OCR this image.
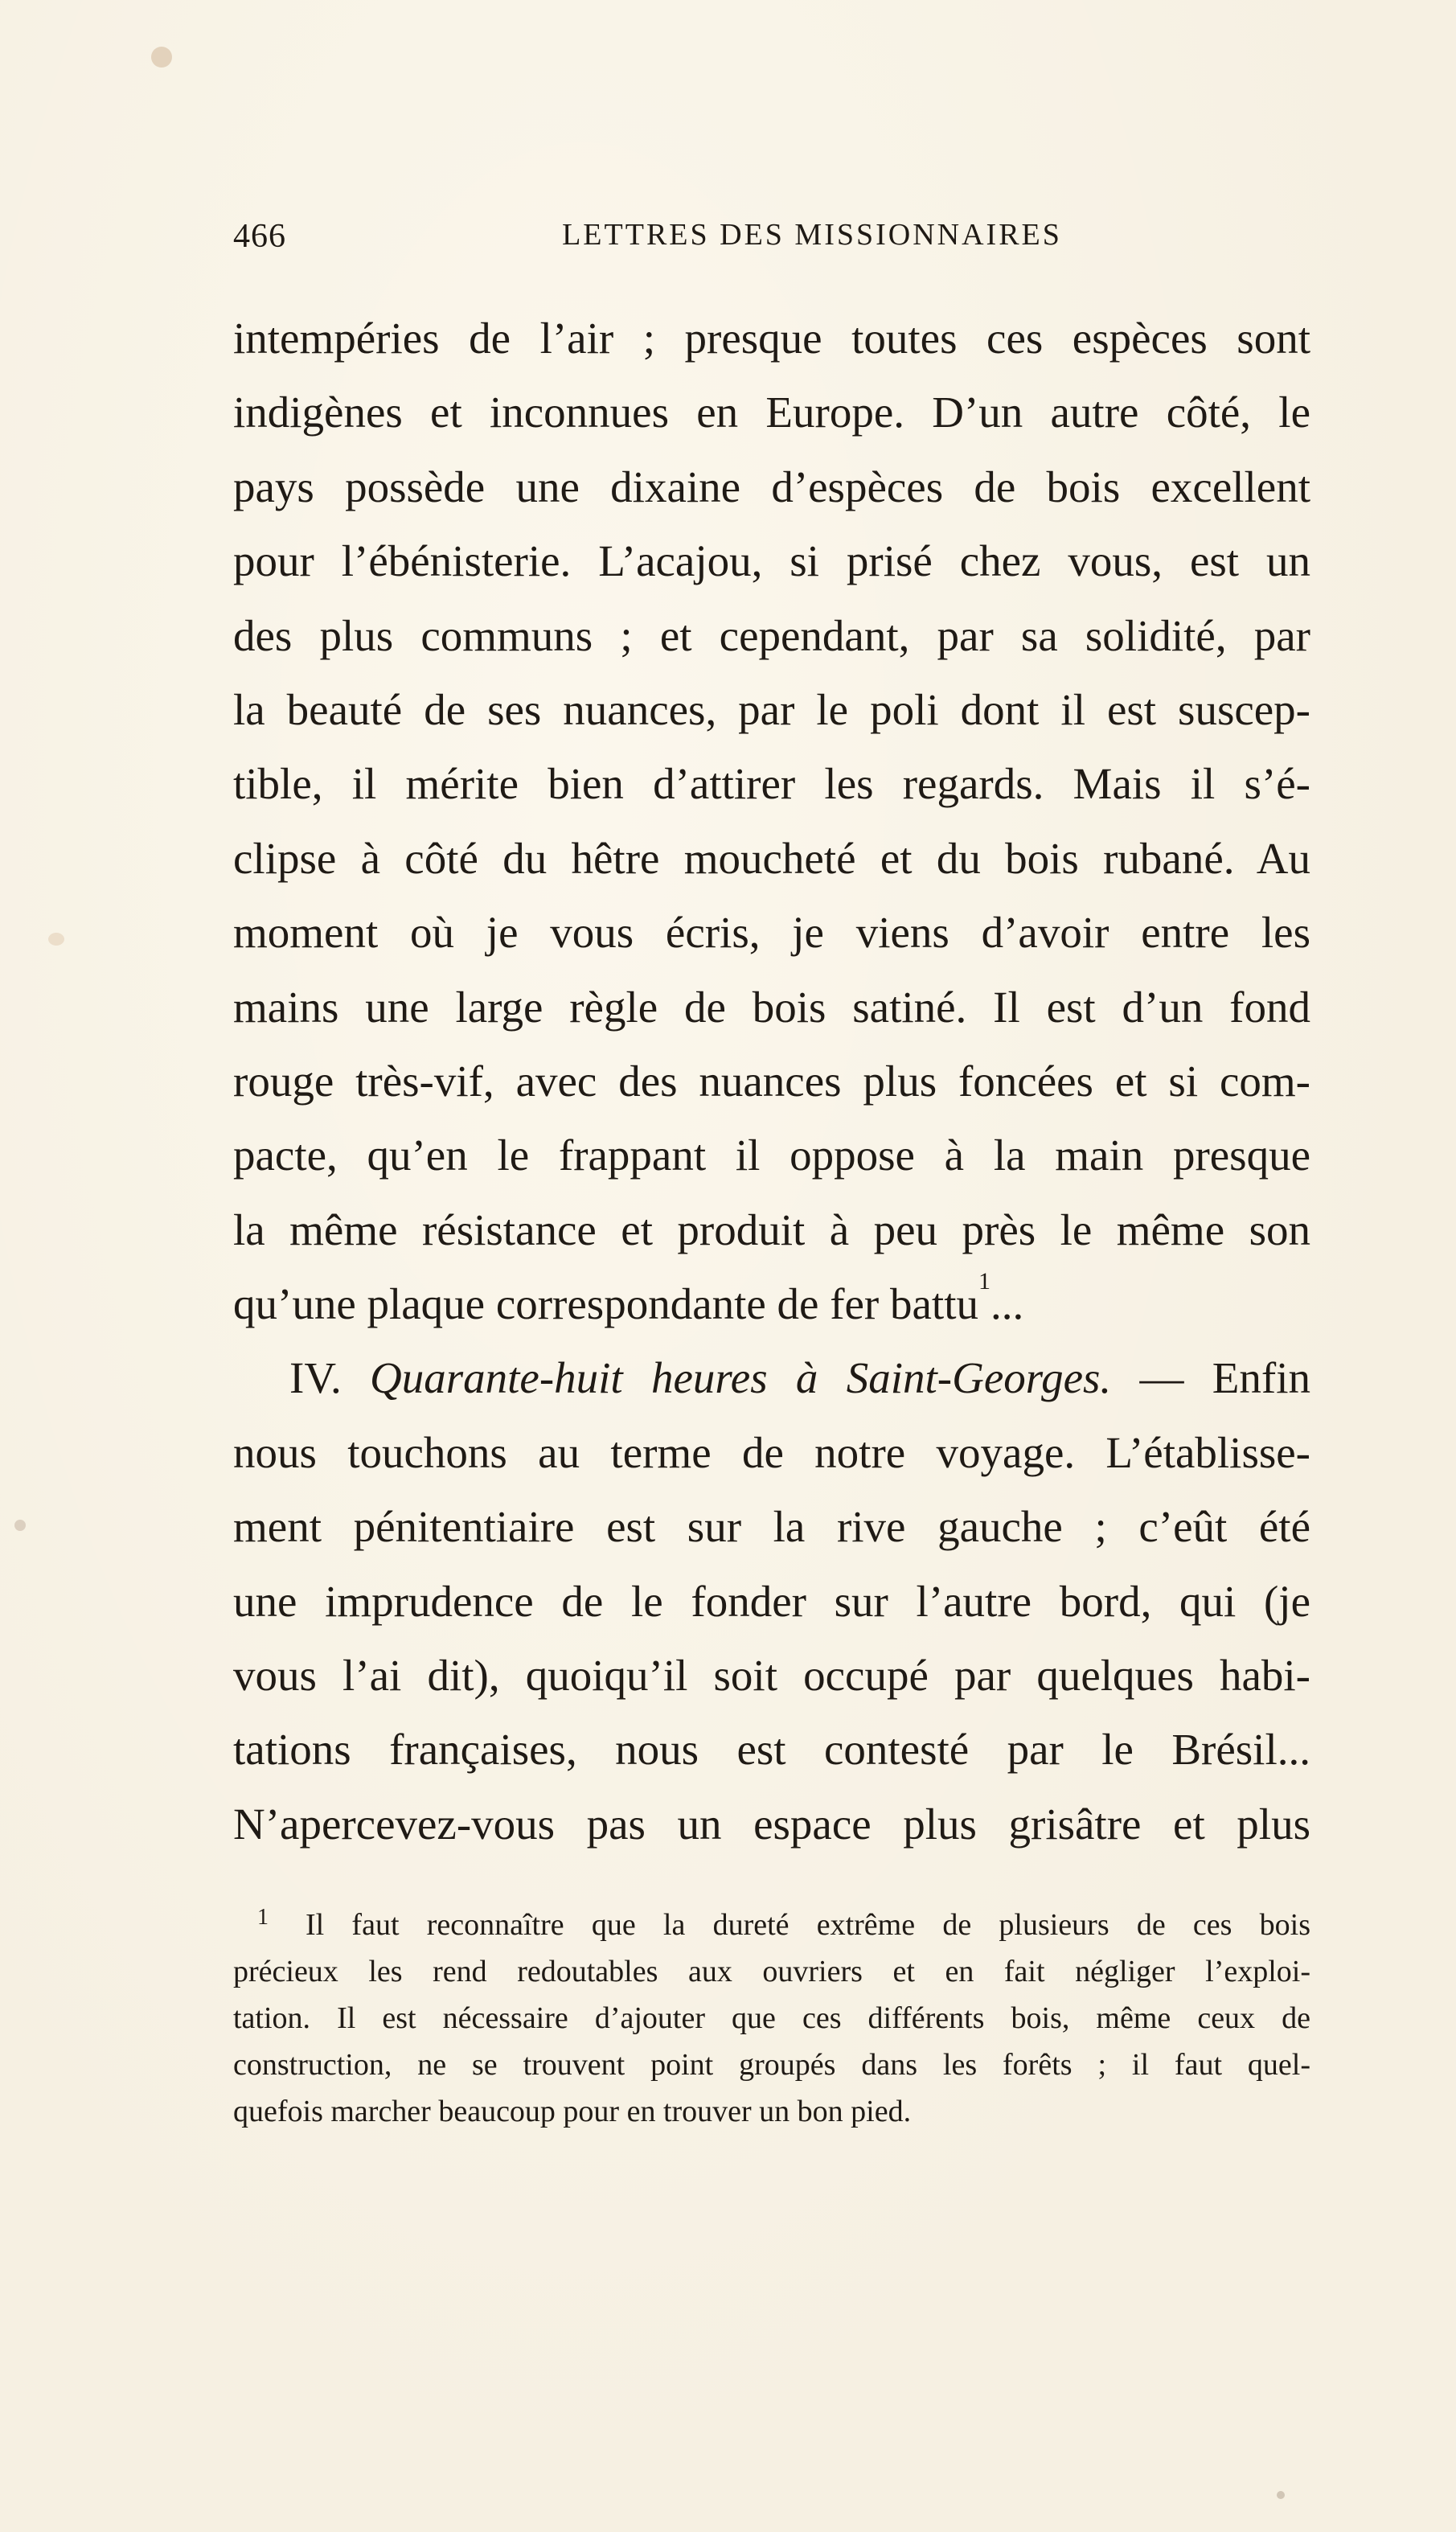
466	LETTRES DES MISSIONNAIRES
intempéries de l’air ; presque toutes ces espèces sont
indigènes et inconnues en Europe. D’un autre côté, le
pays possède une dixaine d’espèces de bois excellent
pour l’ébénisterie. L’acajou, si prisé chez vous, est un
des plus communs ; et cependant, par sa solidité, par
la beauté de ses nuances, par le poli dont il est suscep-
tible, il mérite bien d’attirer les regards. Mais il s’é-
clipse à côté du hêtre moucheté et du bois rubané. Au
moment où je vous écris, je viens d’avoir entre les
mains une large règle de bois satiné. Il est d’un fond
rouge très-vif, avec des nuances plus foncées et si com-
pacte, qu’en le frappant il oppose à la main presque
la même résistance et produit à peu près le même son
qu’une plaque correspondante de fer battu$^1$...
IV. Quarante-huit heures à Saint-Georges. — Enfin
nous touchons au terme de notre voyage. L’établisse-
ment pénitentiaire est sur la rive gauche ; c’eût été
une imprudence de le fonder sur l’autre bord, qui (je
vous l’ai dit), quoiqu’il soit occupé par quelques habi-
tations françaises, nous est contesté par le Brésil...
N’apercevez-vous pas un espace plus grisâtre et plus
1 Il faut reconnaître que la dureté extrême de plusieurs de ces bois
précieux les rend redoutables aux ouvriers et en fait négliger l’exploi-
tation. Il est nécessaire d’ajouter que ces différents bois, même ceux de
construction, ne se trouvent point groupés dans les forêts ; il faut quel-
quefois marcher beaucoup pour en trouver un bon pied.
